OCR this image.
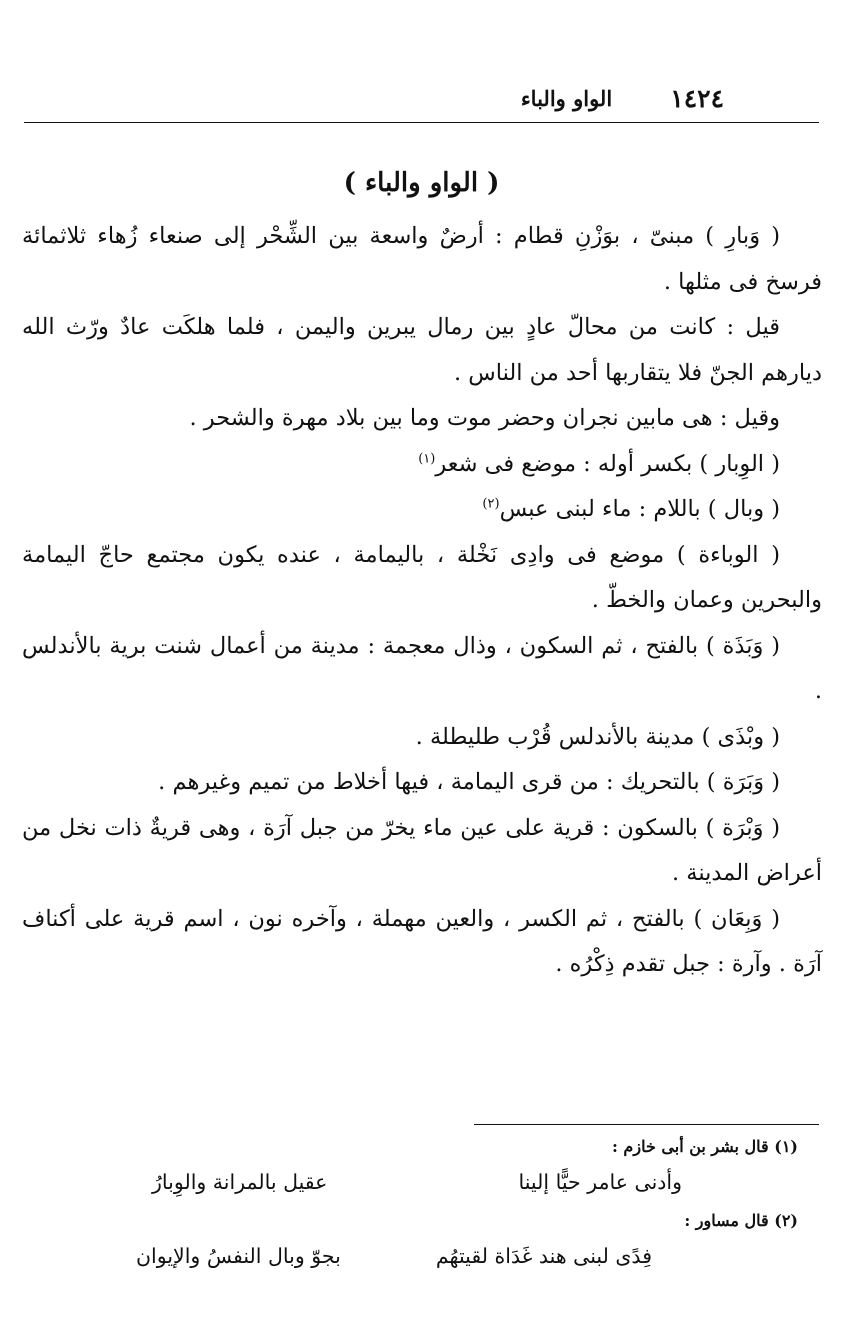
١٤٢٤
الواو والباء
( الواو والباء )

( وَبارِ ) مبنىّ ، بوَزْنِ قطام : أرضٌ واسعة بين الشِّحْر إلى صنعاء زُهاء ثلاثمائة فرسخ فى مثلها .

قيل : كانت من محالّ عادٍ بين رمال يبرين واليمن ، فلما هلكَت عادٌ ورّث الله ديارهم الجنّ فلا يتقاربها أحد من الناس .

وقيل : هى مابين نجران وحضر موت وما بين بلاد مهرة والشحر .

( الوِبار ) بكسر أوله : موضع فى شعر$^{(١)}$

( وبال ) باللام : ماء لبنى عبس$^{(٢)}$

( الوباءة ) موضع فى وادِى نَخْلة ، باليمامة ، عنده يكون مجتمع حاجّ اليمامة والبحرين وعمان والخطّ .

( وَبَذَة ) بالفتح ، ثم السكون ، وذال معجمة : مدينة من أعمال شنت برية بالأندلس .

( وبْذَى ) مدينة بالأندلس قُرْب طليطلة .

( وَبَرَة ) بالتحريك : من قرى اليمامة ، فيها أخلاط من تميم وغيرهم .

( وَبْرَة ) بالسكون : قرية على عين ماء يخرّ من جبل آرَة ، وهى قريةٌ ذات نخل من أعراض المدينة .

( وَبِعَان ) بالفتح ، ثم الكسر ، والعين مهملة ، وآخره نون ، اسم قرية على أكناف آرَة . وآرة : جبل تقدم ذِكْرُه .

(١) قال بشر بن أبى خازم :

وأدنى عامر حيًّا إلينا
عقيل بالمرانة والوِبارُ

(٢) قال مساور :

فِدًى لبنى هند غَدَاة لقيتهُم
بجوّ وبال النفسُ والإيوان
